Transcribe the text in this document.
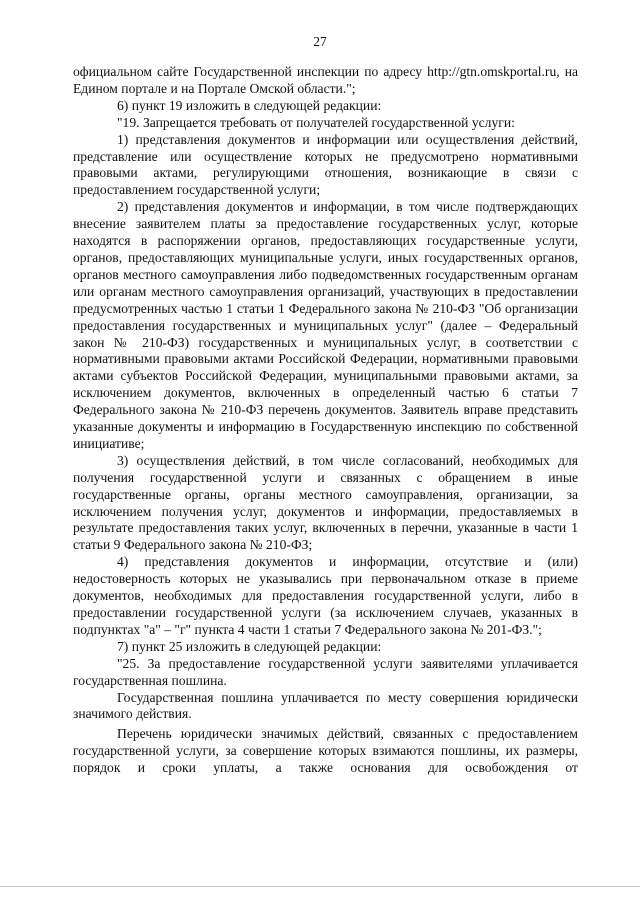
27

официальном сайте Государственной инспекции по адресу http://gtn.omskportal.ru, на Едином портале и на Портале Омской области.";

6) пункт 19 изложить в следующей редакции:

"19. Запрещается требовать от получателей государственной услуги:

1) представления документов и информации или осуществления действий, представление или осуществление которых не предусмотрено нормативными правовыми актами, регулирующими отношения, возникающие в связи с предоставлением государственной услуги;

2) представления документов и информации, в том числе подтверждающих внесение заявителем платы за предоставление государственных услуг, которые находятся в распоряжении органов, предоставляющих государственные услуги, органов, предоставляющих муниципальные услуги, иных государственных органов, органов местного самоуправления либо подведомственных государственным органам или органам местного самоуправления организаций, участвующих в предоставлении предусмотренных частью 1 статьи 1 Федерального закона № 210-ФЗ "Об организации предоставления государственных и муниципальных услуг" (далее – Федеральный закон № 210-ФЗ) государственных и муниципальных услуг, в соответствии с нормативными правовыми актами Российской Федерации, нормативными правовыми актами субъектов Российской Федерации, муниципальными правовыми актами, за исключением документов, включенных в определенный частью 6 статьи 7 Федерального закона № 210-ФЗ перечень документов. Заявитель вправе представить указанные документы и информацию в Государственную инспекцию по собственной инициативе;

3) осуществления действий, в том числе согласований, необходимых для получения государственной услуги и связанных с обращением в иные государственные органы, органы местного самоуправления, организации, за исключением получения услуг, документов и информации, предоставляемых в результате предоставления таких услуг, включенных в перечни, указанные в части 1 статьи 9 Федерального закона № 210-ФЗ;

4) представления документов и информации, отсутствие и (или) недостоверность которых не указывались при первоначальном отказе в приеме документов, необходимых для предоставления государственной услуги, либо в предоставлении государственной услуги (за исключением случаев, указанных в подпунктах "а" – "г" пункта 4 части 1 статьи 7 Федерального закона № 201-ФЗ.";

7) пункт 25 изложить в следующей редакции:

"25. За предоставление государственной услуги заявителями уплачивается государственная пошлина.

Государственная пошлина уплачивается по месту совершения юридически значимого действия.

Перечень юридически значимых действий, связанных с предоставлением государственной услуги, за совершение которых взимаются пошлины, их размеры, порядок и сроки уплаты, а также основания для освобождения от
